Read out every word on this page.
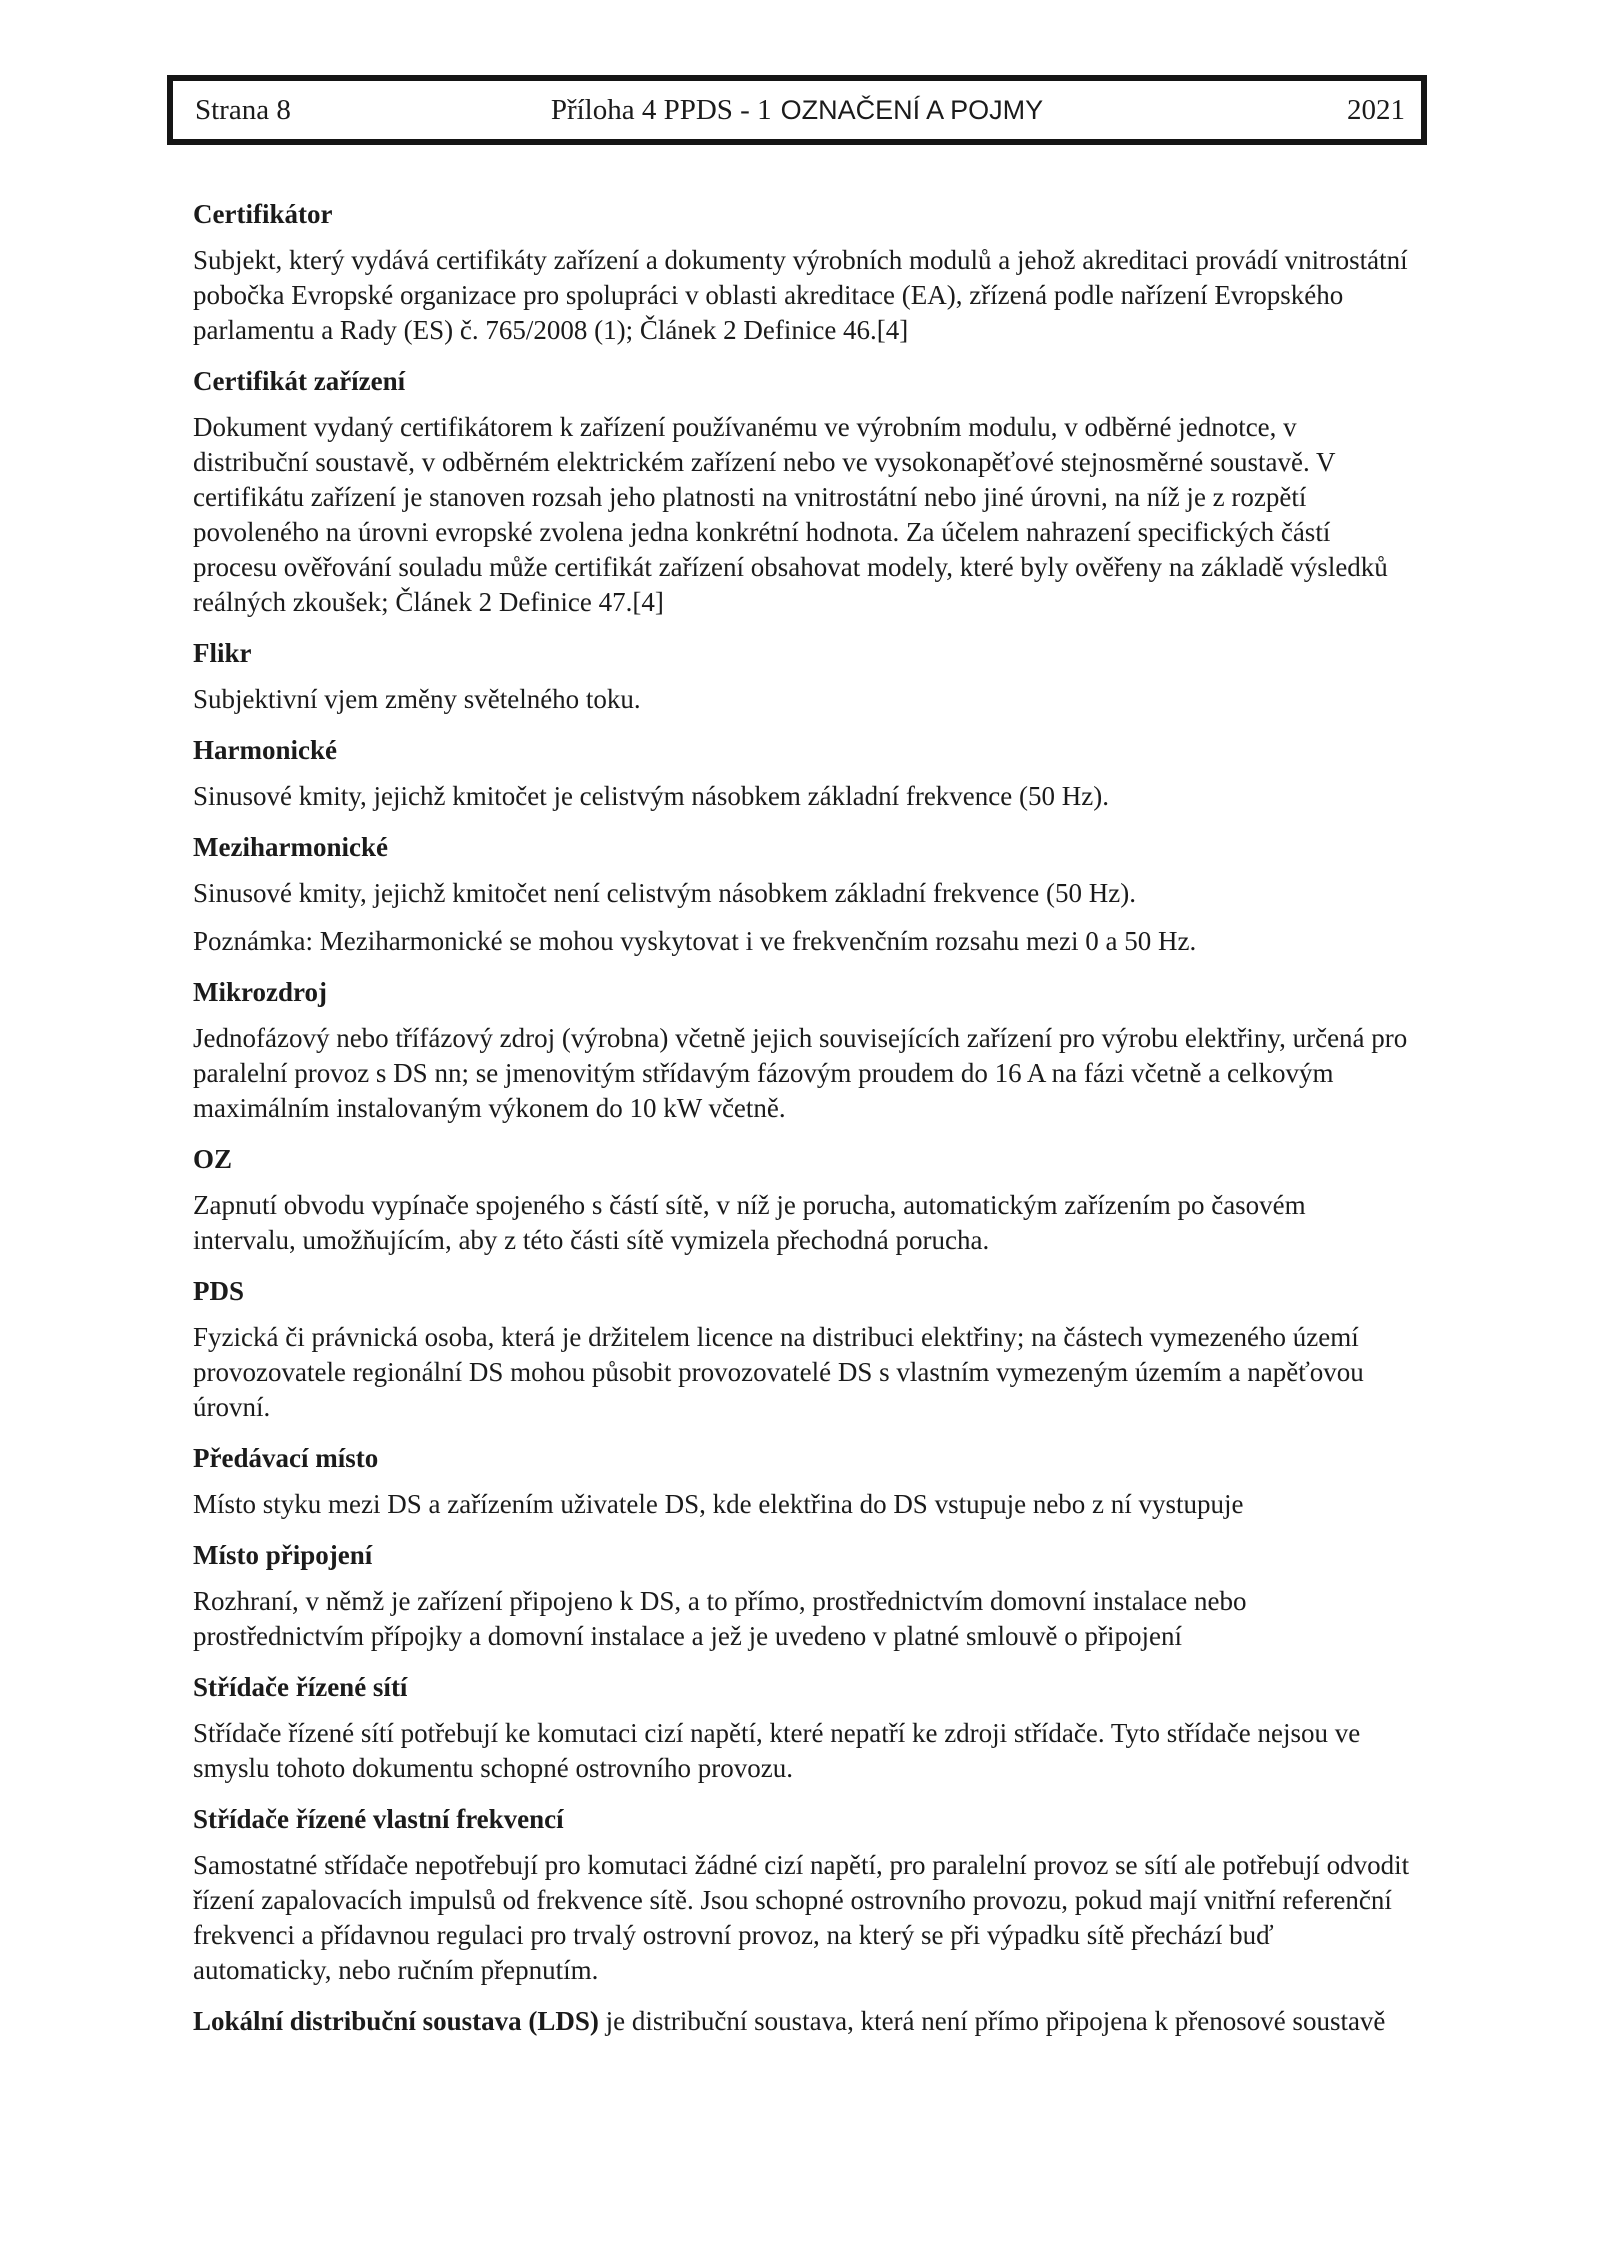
Strana 8	Příloha 4 PPDS - 1 OZNAČENÍ A POJMY	2021
Certifikátor

Subjekt, který vydává certifikáty zařízení a dokumenty výrobních modulů a jehož akreditaci provádí vnitrostátní pobočka Evropské organizace pro spolupráci v oblasti akreditace (EA), zřízená podle nařízení Evropského parlamentu a Rady (ES) č. 765/2008 (1); Článek 2 Definice 46.[4]

Certifikát zařízení

Dokument vydaný certifikátorem k zařízení používanému ve výrobním modulu, v odběrné jednotce, v distribuční soustavě, v odběrném elektrickém zařízení nebo ve vysokonapěťové stejnosměrné soustavě. V certifikátu zařízení je stanoven rozsah jeho platnosti na vnitrostátní nebo jiné úrovni, na níž je z rozpětí povoleného na úrovni evropské zvolena jedna konkrétní hodnota. Za účelem nahrazení specifických částí procesu ověřování souladu může certifikát zařízení obsahovat modely, které byly ověřeny na základě výsledků reálných zkoušek; Článek 2 Definice 47.[4]

Flikr

Subjektivní vjem změny světelného toku.

Harmonické

Sinusové kmity, jejichž kmitočet je celistvým násobkem základní frekvence (50 Hz).

Meziharmonické

Sinusové kmity, jejichž kmitočet není celistvým násobkem základní frekvence (50 Hz).

Poznámka: Meziharmonické se mohou vyskytovat i ve frekvenčním rozsahu mezi 0 a 50 Hz.

Mikrozdroj

Jednofázový nebo třífázový zdroj (výrobna) včetně jejich souvisejících zařízení pro výrobu elektřiny, určená pro paralelní provoz s DS nn; se jmenovitým střídavým fázovým proudem do 16 A na fázi včetně a celkovým maximálním instalovaným výkonem do 10 kW včetně.

OZ

Zapnutí obvodu vypínače spojeného s částí sítě, v níž je porucha, automatickým zařízením po časovém intervalu, umožňujícím, aby z této části sítě vymizela přechodná porucha.

PDS

Fyzická či právnická osoba, která je držitelem licence na distribuci elektřiny; na částech vymezeného území provozovatele regionální DS mohou působit provozovatelé DS s vlastním vymezeným územím a napěťovou úrovní.

Předávací místo

Místo styku mezi DS a zařízením uživatele DS, kde elektřina do DS vstupuje nebo z ní vystupuje

Místo připojení

Rozhraní, v němž je zařízení připojeno k DS, a to přímo, prostřednictvím domovní instalace nebo prostřednictvím přípojky a domovní instalace a jež je uvedeno v platné smlouvě o připojení

Střídače řízené sítí

Střídače řízené sítí potřebují ke komutaci cizí napětí, které nepatří ke zdroji střídače. Tyto střídače nejsou ve smyslu tohoto dokumentu schopné ostrovního provozu.

Střídače řízené vlastní frekvencí

Samostatné střídače nepotřebují pro komutaci žádné cizí napětí, pro paralelní provoz se sítí ale potřebují odvodit řízení zapalovacích impulsů od frekvence sítě. Jsou schopné ostrovního provozu, pokud mají vnitřní referenční frekvenci a přídavnou regulaci pro trvalý ostrovní provoz, na který se při výpadku sítě přechází buď automaticky, nebo ručním přepnutím.

Lokální distribuční soustava (LDS) je distribuční soustava, která není přímo připojena k přenosové soustavě
